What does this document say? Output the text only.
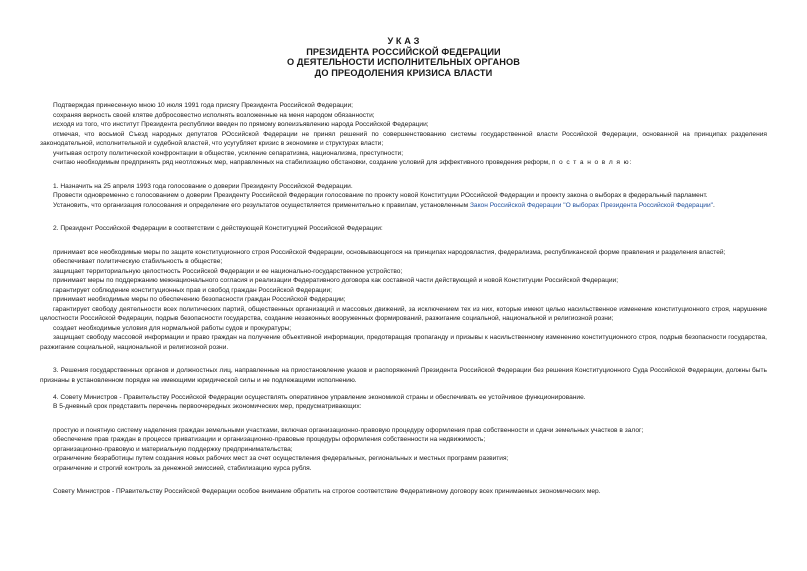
У К А З
ПРЕЗИДЕНТА РОССИЙСКОЙ ФЕДЕРАЦИИ
О ДЕЯТЕЛЬНОСТИ ИСПОЛНИТЕЛЬНЫХ ОРГАНОВ
ДО ПРЕОДОЛЕНИЯ КРИЗИСА ВЛАСТИ

Подтверждая принесенную мною 10 июля 1991 года присягу Президента Российской Федерации;

сохраняя верность своей клятве добросовестно исполнять возложенные на меня народом обязанности;

исходя из того, что институт Президента республики введен по прямому волеизъявлению народа Российской Федерации;

отмечая, что восьмой Съезд народных депутатов РОссийской Федерации не принял решений по совершенствованию системы государственной власти Российской Федерации, основанной на принципах разделения законодательной, исполнительной и судебной властей, что усугубляет кризис в экономике и структурах власти;

учитывая остроту политической конфронтации в обществе, усиление сепаратизма, национализма, преступности;

считаю необходимым предпринять ряд неотложных мер, направленных на стабилизацию обстановки, создание условий для эффективного проведения реформ, п о с т а н о в л я ю:

1. Назначить на 25 апреля 1993 года голосование о доверии Президенту Российской Федерации.

Провести одновременно с голосованием о доверии Президенту Российской Федерации голосование по проекту новой Конституции РОссийской Федерации и проекту закона о выборах в федеральный парламент.

Установить, что организация голосования и определение его результатов осуществляется применительно к правилам, установленным Закон Российской Федерации "О выборах Президента Российской Федерации".

2. Президент Российской Федерации в соответствии с действующей Конституцией Российской Федерации:

принимает все необходимые меры по защите конституционного строя Российской Федерации, основывающегося на принципах народовластия, федерализма, республиканской форме правления и разделения властей;

обеспечивает политическую стабильность в обществе;

защищает территориальную целостность Российской Федерации и ее национально-государственное устройство;

принимает меры по поддержанию межнационального согласия и реализации Федеративного договора как составной части действующей и новой Конституции Российской Федерации;

гарантирует соблюдение конституционных прав и свобод граждан Российской Федерации;

принимает необходимые меры по обеспечению безопасности граждан Российской Федерации;

гарантирует свободу деятельности всех политических партий, общественных организаций и массовых движений, за исключением тех из них, которые имеют целью насильственное изменение конституционного строя, нарушение целостности Российской Федерации, подрыв безопасности государства, создание незаконных вооруженных формирований, разжигание социальной, национальной и религиозной розни;

создает необходимые условия для нормальной работы судов и прокуратуры;

защищает свободу массовой информации и право граждан на получение объективной информации, предотвращая пропаганду и призывы к насильственному изменению конституционного строя, подрыв безопасности государства, разжигание социальной, национальной и религиозной розни.

3. Решения государственных органов и должностных лиц, направленные на приостановление указов и распоряжений Президента Российской Федерации без решения Конституционного Суда Российской Федерации, должны быть признаны в установленном порядке не имеющими юридической силы и не подлежащими исполнению.

4. Совету Министров - Правительству Российской Федерации осуществлять оперативное управление экономикой страны и обеспечивать ее устойчивое функционирование.

В 5-дневный срок представить перечень первоочередных экономических мер, предусматривающих:

простую и понятную систему наделения граждан земельными участками, включая организационно-правовую процедуру оформления прав собственности и сдачи земельных участков в залог;

обеспечение прав граждан в процессе приватизации и организационно-правовые процедуры оформления собственности на недвижимость;

организационно-правовую и материальную поддержку предпринимательства;

ограничение безработицы путем создания новых рабочих мест за счет осуществления федеральных, региональных и местных программ развития;

ограничение и строгий контроль за денежной эмиссией, стабилизацию курса рубля.

Совету Министров - ПРавительству Российской Федерации особое внимание обратить на строгое соответствие Федеративному договору всех принимаемых экономических мер.
